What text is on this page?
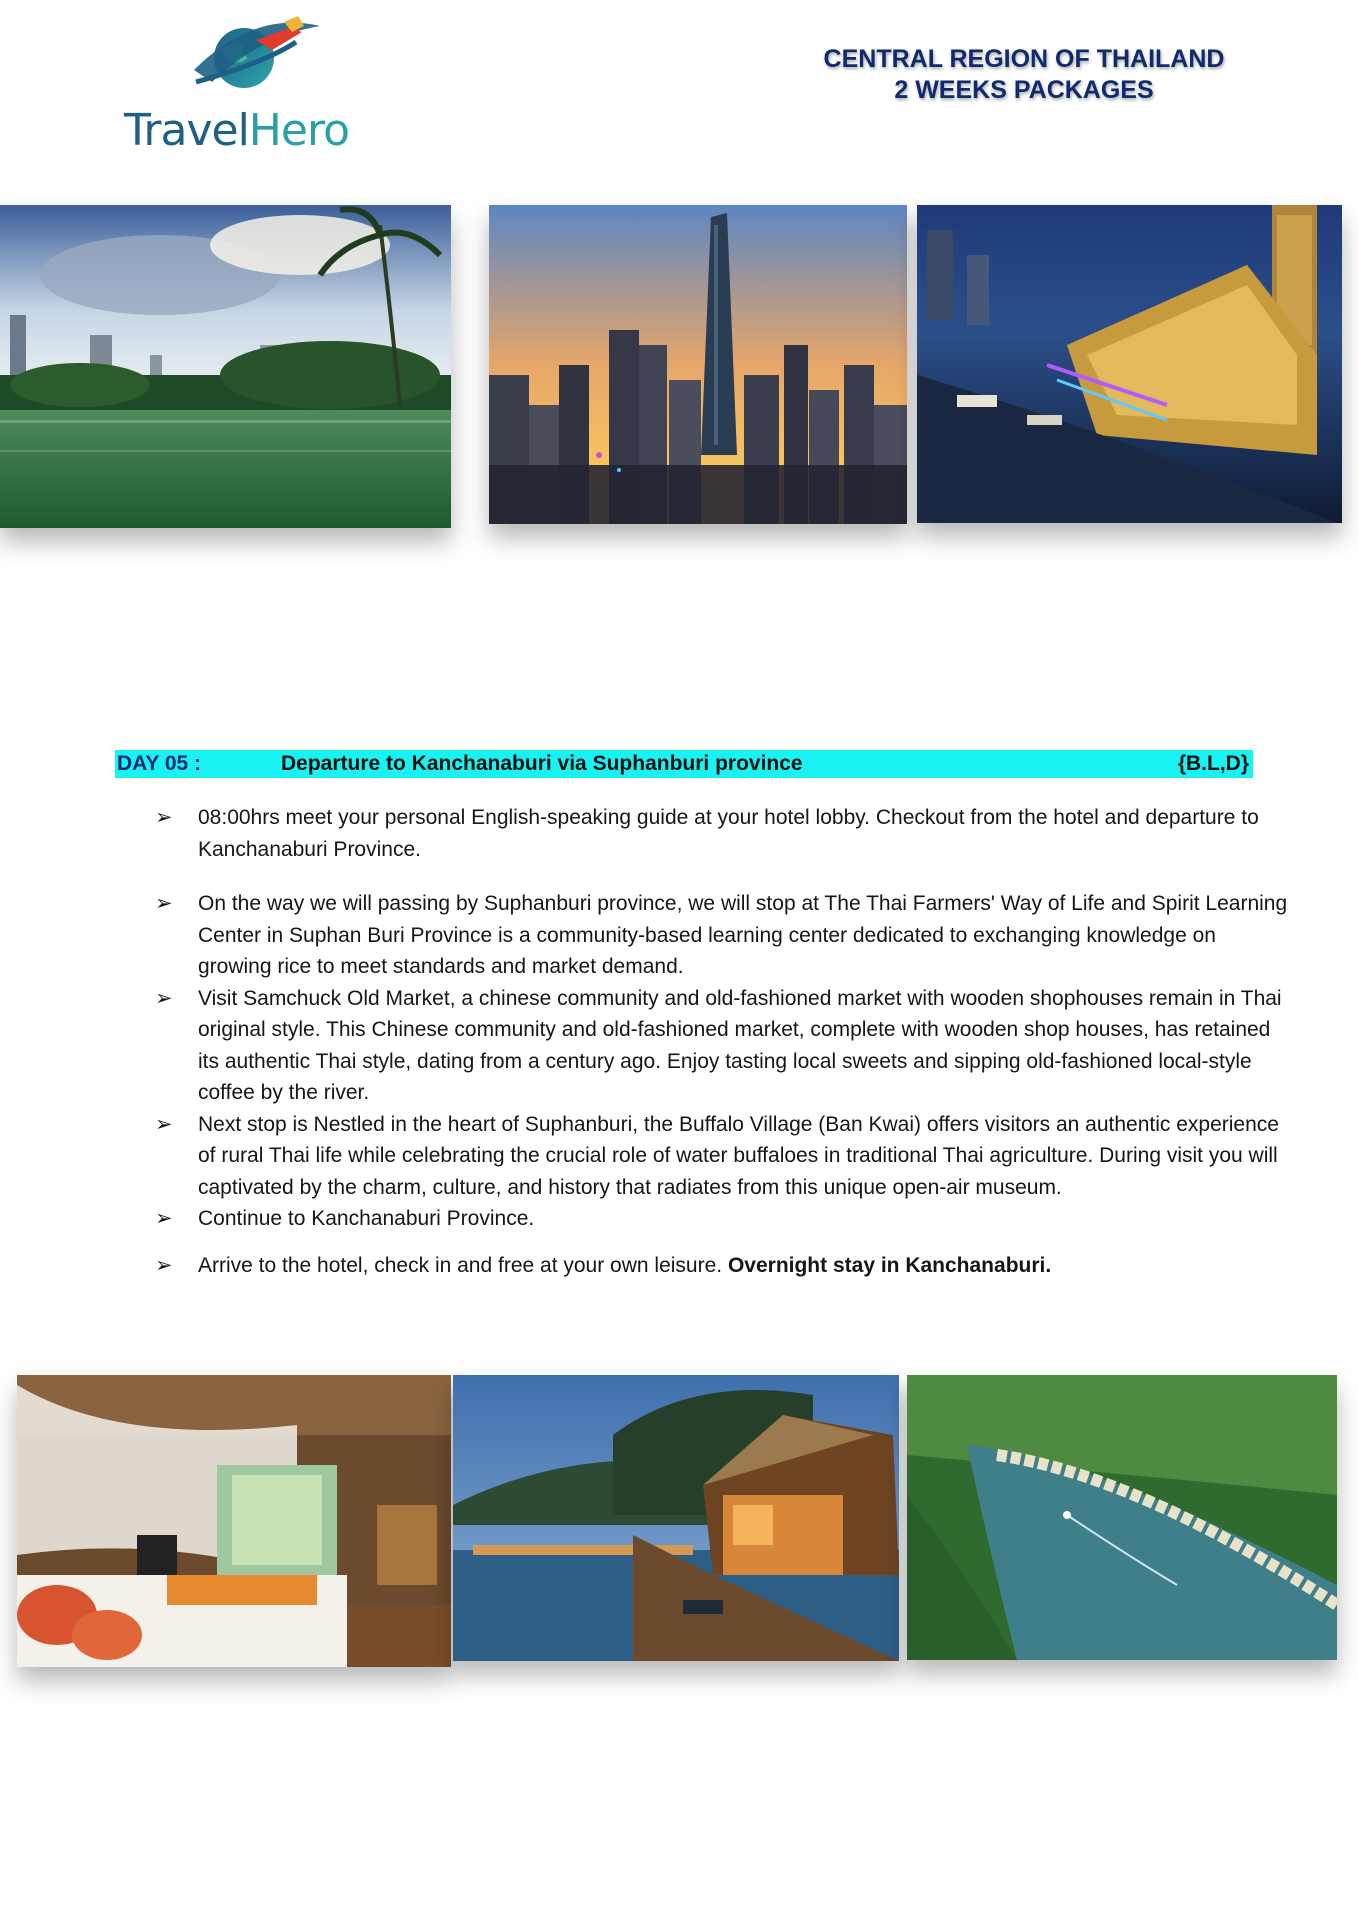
TravelHero
CENTRAL REGION OF THAILAND
2 WEEKS PACKAGES
DAY 05 :	Departure to Kanchanaburi via Suphanburi province	{B.L,D}
➢ 08:00hrs meet your personal English-speaking guide at your hotel lobby. Checkout from the hotel and departure to Kanchanaburi Province.
➢ On the way we will passing by Suphanburi province, we will stop at The Thai Farmers' Way of Life and Spirit Learning Center in Suphan Buri Province is a community-based learning center dedicated to exchanging knowledge on growing rice to meet standards and market demand.
➢ Visit Samchuck Old Market, a chinese community and old-fashioned market with wooden shophouses remain in Thai original style. This Chinese community and old-fashioned market, complete with wooden shop houses, has retained its authentic Thai style, dating from a century ago. Enjoy tasting local sweets and sipping old-fashioned local-style coffee by the river.
➢ Next stop is Nestled in the heart of Suphanburi, the Buffalo Village (Ban Kwai) offers visitors an authentic experience of rural Thai life while celebrating the crucial role of water buffaloes in traditional Thai agriculture. During visit you will captivated by the charm, culture, and history that radiates from this unique open-air museum.
➢ Continue to Kanchanaburi Province.
➢ Arrive to the hotel, check in and free at your own leisure. Overnight stay in Kanchanaburi.
